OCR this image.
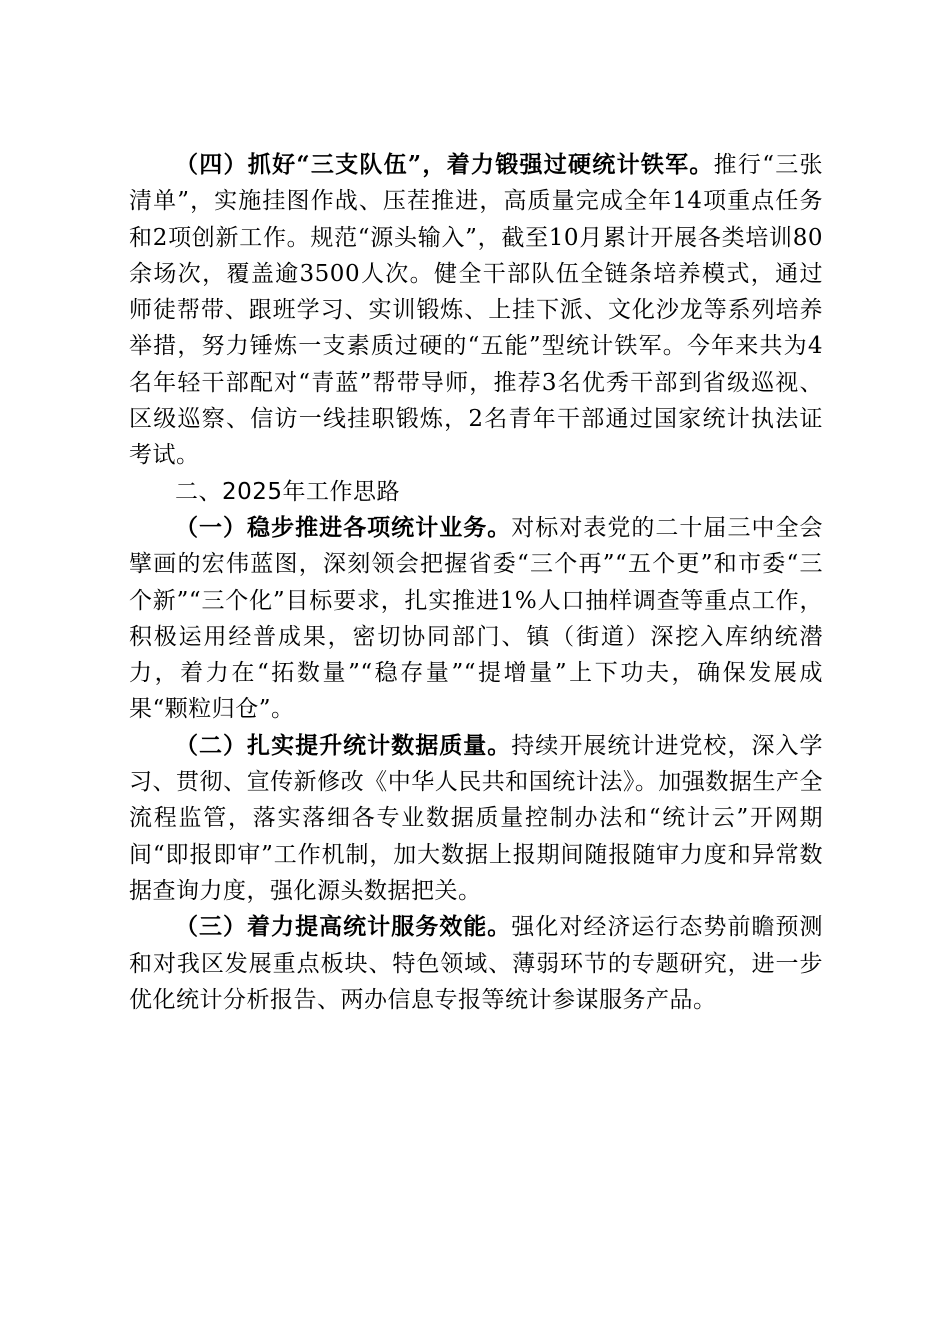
（四）抓好“三支队伍”，着力锻强过硬统计铁军。推行“三张清单”，实施挂图作战、压茬推进，高质量完成全年14项重点任务和2项创新工作。规范“源头输入”，截至10月累计开展各类培训80余场次，覆盖逾3500人次。健全干部队伍全链条培养模式，通过师徒帮带、跟班学习、实训锻炼、上挂下派、文化沙龙等系列培养举措，努力锤炼一支素质过硬的“五能”型统计铁军。今年来共为4名年轻干部配对“青蓝”帮带导师，推荐3名优秀干部到省级巡视、区级巡察、信访一线挂职锻炼，2名青年干部通过国家统计执法证考试。

二、2025年工作思路

（一）稳步推进各项统计业务。对标对表党的二十届三中全会擘画的宏伟蓝图，深刻领会把握省委“三个再”“五个更”和市委“三个新”“三个化”目标要求，扎实推进1%人口抽样调查等重点工作，积极运用经普成果，密切协同部门、镇（街道）深挖入库纳统潜力，着力在“拓数量”“稳存量”“提增量”上下功夫，确保发展成果“颗粒归仓”。

（二）扎实提升统计数据质量。持续开展统计进党校，深入学习、贯彻、宣传新修改《中华人民共和国统计法》。加强数据生产全流程监管，落实落细各专业数据质量控制办法和“统计云”开网期间“即报即审”工作机制，加大数据上报期间随报随审力度和异常数据查询力度，强化源头数据把关。

（三）着力提高统计服务效能。强化对经济运行态势前瞻预测和对我区发展重点板块、特色领域、薄弱环节的专题研究，进一步优化统计分析报告、两办信息专报等统计参谋服务产品。
